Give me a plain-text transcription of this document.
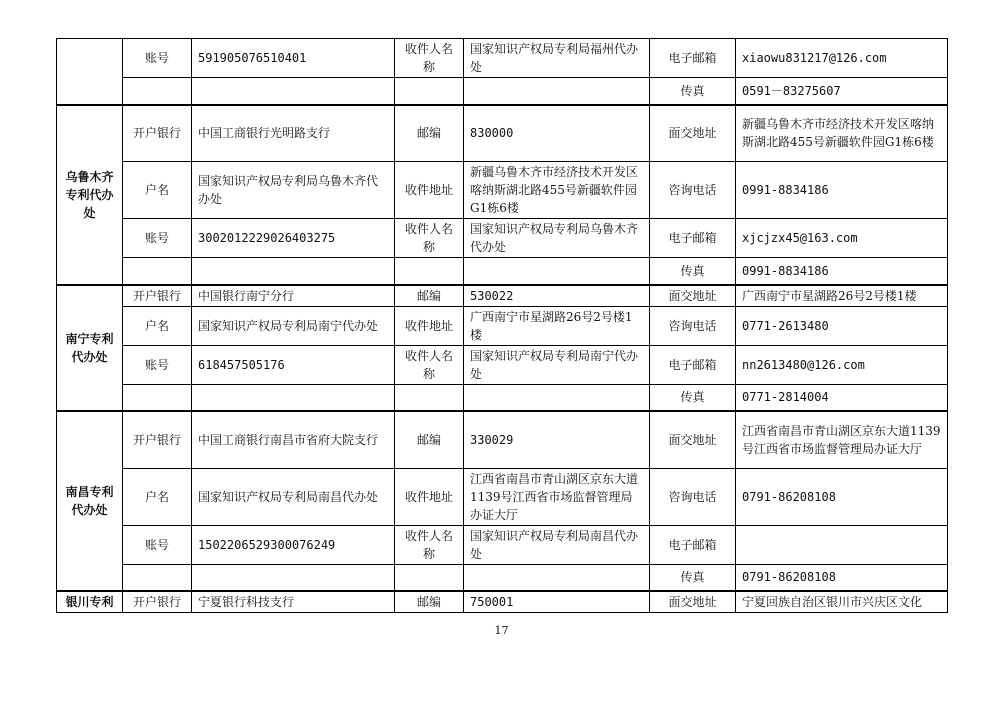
	账号	591905076510401	收件人名称	国家知识产权局专利局福州代办处	电子邮箱	xiaowu831217@126.com
					传真	0591－83275607
乌鲁木齐专利代办处	开户银行	中国工商银行光明路支行	邮编	830000	面交地址	新疆乌鲁木齐市经济技术开发区喀纳斯湖北路455号新疆软件园G1栋6楼
	户名	国家知识产权局专利局乌鲁木齐代办处	收件地址	新疆乌鲁木齐市经济技术开发区喀纳斯湖北路455号新疆软件园G1栋6楼	咨询电话	0991-8834186
	账号	3002012229026403275	收件人名称	国家知识产权局专利局乌鲁木齐代办处	电子邮箱	xjcjzx45@163.com
					传真	0991-8834186
南宁专利代办处	开户银行	中国银行南宁分行	邮编	530022	面交地址	广西南宁市星湖路26号2号楼1楼
	户名	国家知识产权局专利局南宁代办处	收件地址	广西南宁市星湖路26号2号楼1楼	咨询电话	0771-2613480
	账号	618457505176	收件人名称	国家知识产权局专利局南宁代办处	电子邮箱	nn2613480@126.com
					传真	0771-2814004
南昌专利代办处	开户银行	中国工商银行南昌市省府大院支行	邮编	330029	面交地址	江西省南昌市青山湖区京东大道1139号江西省市场监督管理局办证大厅
	户名	国家知识产权局专利局南昌代办处	收件地址	江西省南昌市青山湖区京东大道1139号江西省市场监督管理局办证大厅	咨询电话	0791-86208108
	账号	1502206529300076249	收件人名称	国家知识产权局专利局南昌代办处	电子邮箱	
					传真	0791-86208108
银川专利	开户银行	宁夏银行科技支行	邮编	750001	面交地址	宁夏回族自治区银川市兴庆区文化
17
